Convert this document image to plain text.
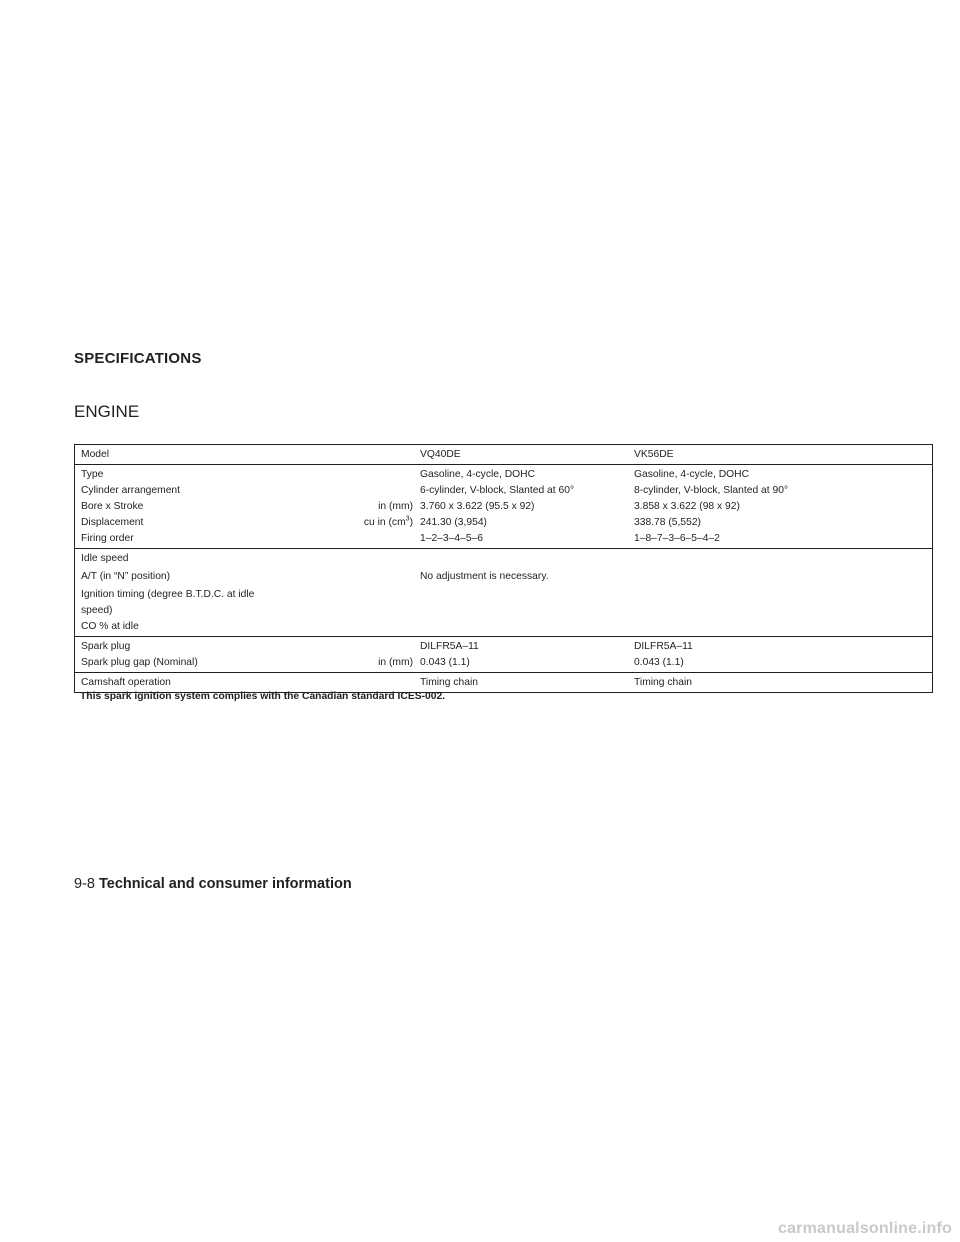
SPECIFICATIONS
ENGINE
Model	VQ40DE	VK56DE
Type	Gasoline, 4-cycle, DOHC	Gasoline, 4-cycle, DOHC
Cylinder arrangement	6-cylinder, V-block, Slanted at 60°	8-cylinder, V-block, Slanted at 90°
Bore x Stroke	in (mm) 3.760 x 3.622 (95.5 x 92)	3.858 x 3.622 (98 x 92)
Displacement	cu in $(cm^3)$ 241.30 (3,954)	338.78 (5,552)
Firing order	1–2–3–4–5–6	1–8–7–3–6–5–4–2
Idle speed
A/T (in “N” position)	No adjustment is necessary.
Ignition timing (degree B.T.D.C. at idle speed)
CO % at idle
Spark plug	DILFR5A–11	DILFR5A–11
Spark plug gap (Nominal)	in (mm) 0.043 (1.1)	0.043 (1.1)
Camshaft operation	Timing chain	Timing chain
This spark ignition system complies with the Canadian standard ICES-002.
9-8 Technical and consumer information
carmanualsonline.info
